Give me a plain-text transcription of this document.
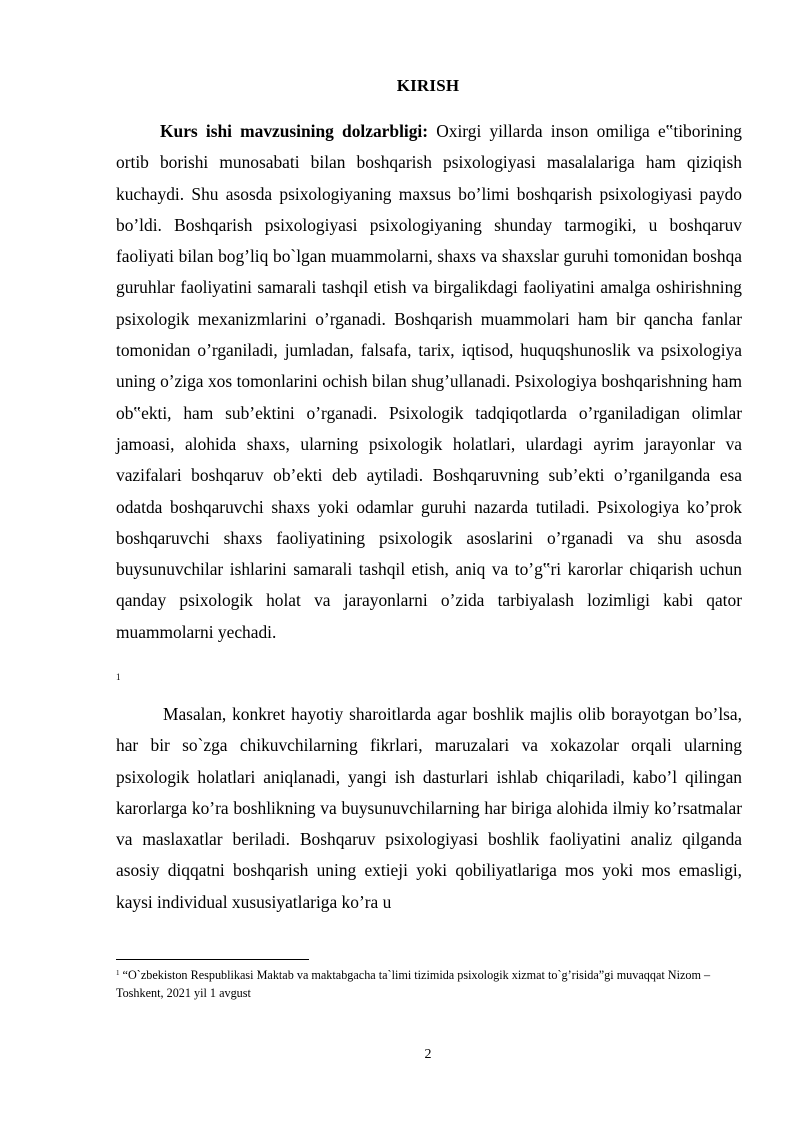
KIRISH
Kurs ishi mavzusining dolzarbligi: Oxirgi yillarda inson omiliga e‟tiborining ortib borishi munosabati bilan boshqarish psixologiyasi masalalariga ham qiziqish kuchaydi. Shu asosda psixologiyaning maxsus bo’limi boshqarish psixologiyasi paydo bo’ldi. Boshqarish psixologiyasi psixologiyaning shunday tarmogiki, u boshqaruv faoliyati bilan bog’liq bo`lgan muammolarni, shaxs va shaxslar guruhi tomonidan boshqa guruhlar faoliyatini samarali tashqil etish va birgalikdagi faoliyatini amalga oshirishning psixologik mexanizmlarini o’rganadi. Boshqarish muammolari ham bir qancha fanlar tomonidan o’rganiladi, jumladan, falsafa, tarix, iqtisod, huquqshunoslik va psixologiya uning o’ziga xos tomonlarini ochish bilan shug’ullanadi. Psixologiya boshqarishning ham ob‟ekti, ham sub’ektini o’rganadi. Psixologik tadqiqotlarda o’rganiladigan olimlar jamoasi, alohida shaxs, ularning psixologik holatlari, ulardagi ayrim jarayonlar va vazifalari boshqaruv ob’ekti deb aytiladi. Boshqaruvning sub’ekti o’rganilganda esa odatda boshqaruvchi shaxs yoki odamlar guruhi nazarda tutiladi. Psixologiya ko’prok boshqaruvchi shaxs faoliyatining psixologik asoslarini o’rganadi va shu asosda buysunuvchilar ishlarini samarali tashqil etish, aniq va to’g‟ri karorlar chiqarish uchun qanday psixologik holat va jarayonlarni o’zida tarbiyalash lozimligi kabi qator muammolarni yechadi.
1
Masalan, konkret hayotiy sharoitlarda agar boshlik majlis olib borayotgan bo’lsa, har bir so`zga chikuvchilarning fikrlari, maruzalari va xokazolar orqali ularning psixologik holatlari aniqlanadi, yangi ish dasturlari ishlab chiqariladi, kabo’l qilingan karorlarga ko’ra boshlikning va buysunuvchilarning har biriga alohida ilmiy ko’rsatmalar va maslaxatlar beriladi. Boshqaruv psixologiyasi boshlik faoliyatini analiz qilganda asosiy diqqatni boshqarish uning extieji yoki qobiliyatlariga mos yoki mos emasligi, kaysi individual xususiyatlariga ko’ra u
$^1$ “O`zbekiston Respublikasi Maktab va maktabgacha ta`limi tizimida psixologik xizmat to`g’risida”gi muvaqqat Nizom –Toshkent, 2021 yil 1 avgust
2
